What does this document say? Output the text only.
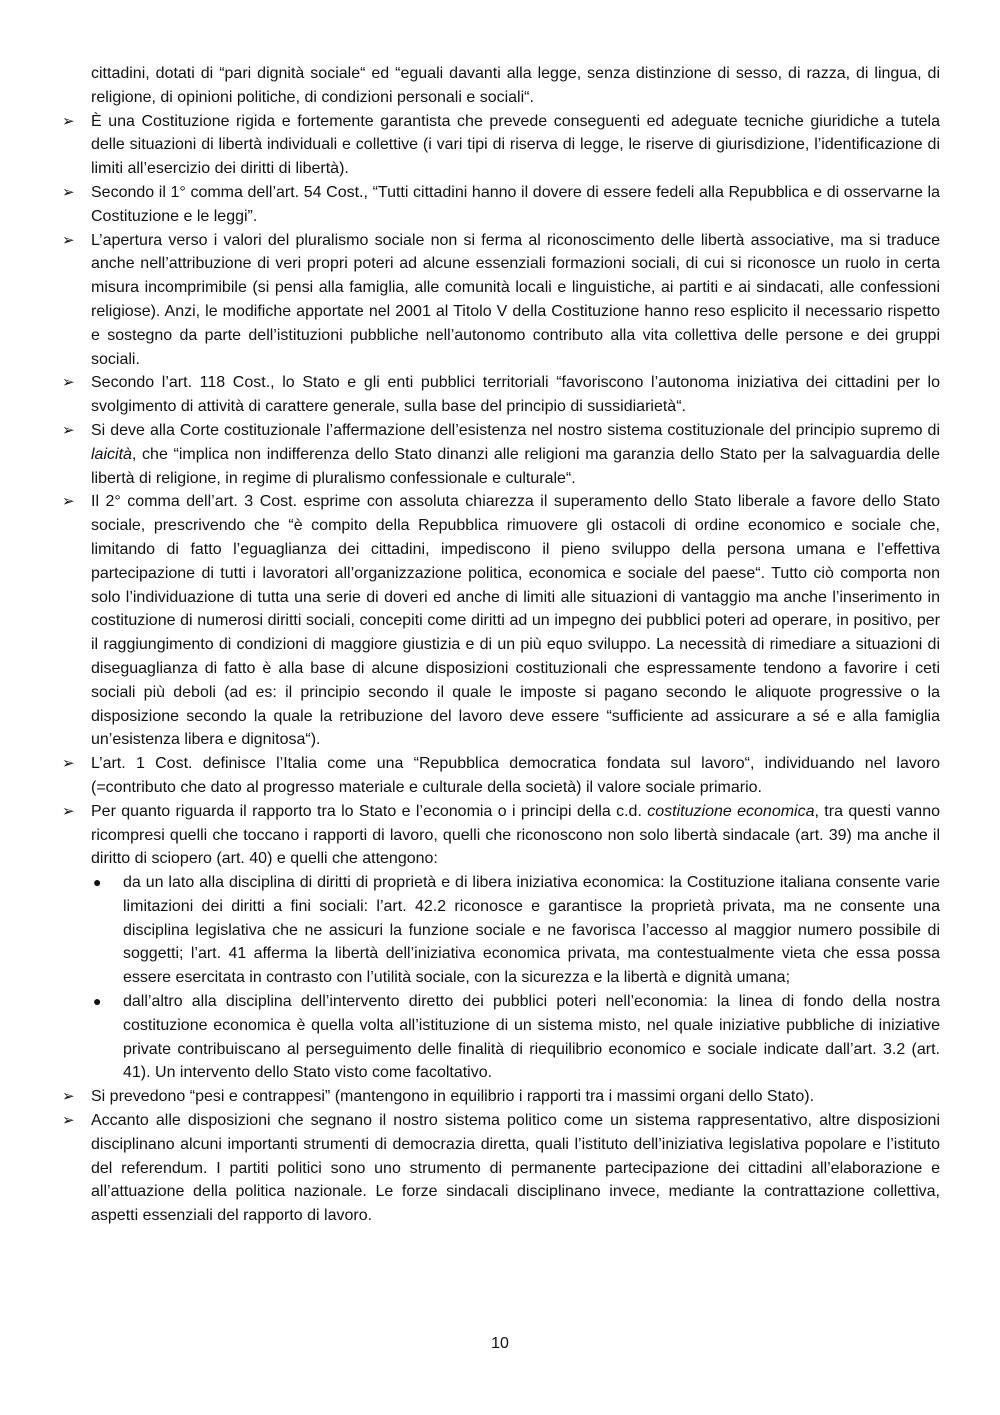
cittadini, dotati di “pari dignità sociale“ ed “eguali davanti alla legge, senza distinzione di sesso, di razza, di lingua, di religione, di opinioni politiche, di condizioni personali e sociali“.
➢ È una Costituzione rigida e fortemente garantista che prevede conseguenti ed adeguate tecniche giuridiche a tutela delle situazioni di libertà individuali e collettive (i vari tipi di riserva di legge, le riserve di giurisdizione, l’identificazione di limiti all’esercizio dei diritti di libertà).
➢ Secondo il 1° comma dell’art. 54 Cost., “Tutti cittadini hanno il dovere di essere fedeli alla Repubblica e di osservarne la Costituzione e le leggi”.
➢ L’apertura verso i valori del pluralismo sociale non si ferma al riconoscimento delle libertà associative, ma si traduce anche nell’attribuzione di veri propri poteri ad alcune essenziali formazioni sociali, di cui si riconosce un ruolo in certa misura incomprimibile (si pensi alla famiglia, alle comunità locali e linguistiche, ai partiti e ai sindacati, alle confessioni religiose). Anzi, le modifiche apportate nel 2001 al Titolo V della Costituzione hanno reso esplicito il necessario rispetto e sostegno da parte dell’istituzioni pubbliche nell’autonomo contributo alla vita collettiva delle persone e dei gruppi sociali.
➢ Secondo l’art. 118 Cost., lo Stato e gli enti pubblici territoriali “favoriscono l’autonoma iniziativa dei cittadini per lo svolgimento di attività di carattere generale, sulla base del principio di sussidiarietà“.
➢ Si deve alla Corte costituzionale l’affermazione dell’esistenza nel nostro sistema costituzionale del principio supremo di laicità, che “implica non indifferenza dello Stato dinanzi alle religioni ma garanzia dello Stato per la salvaguardia delle libertà di religione, in regime di pluralismo confessionale e culturale“.
➢ Il 2° comma dell’art. 3 Cost. esprime con assoluta chiarezza il superamento dello Stato liberale a favore dello Stato sociale, prescrivendo che “è compito della Repubblica rimuovere gli ostacoli di ordine economico e sociale che, limitando di fatto l’eguaglianza dei cittadini, impediscono il pieno sviluppo della persona umana e l’effettiva partecipazione di tutti i lavoratori all’organizzazione politica, economica e sociale del paese“. Tutto ciò comporta non solo l’individuazione di tutta una serie di doveri ed anche di limiti alle situazioni di vantaggio ma anche l’inserimento in costituzione di numerosi diritti sociali, concepiti come diritti ad un impegno dei pubblici poteri ad operare, in positivo, per il raggiungimento di condizioni di maggiore giustizia e di un più equo sviluppo. La necessità di rimediare a situazioni di diseguaglianza di fatto è alla base di alcune disposizioni costituzionali che espressamente tendono a favorire i ceti sociali più deboli (ad es: il principio secondo il quale le imposte si pagano secondo le aliquote progressive o la disposizione secondo la quale la retribuzione del lavoro deve essere “sufficiente ad assicurare a sé e alla famiglia un’esistenza libera e dignitosa“).
➢ L’art. 1 Cost. definisce l’Italia come una “Repubblica democratica fondata sul lavoro“, individuando nel lavoro (=contributo che dato al progresso materiale e culturale della società) il valore sociale primario.
➢ Per quanto riguarda il rapporto tra lo Stato e l’economia o i principi della c.d. costituzione economica, tra questi vanno ricompresi quelli che toccano i rapporti di lavoro, quelli che riconoscono non solo libertà sindacale (art. 39) ma anche il diritto di sciopero (art. 40) e quelli che attengono:
● da un lato alla disciplina di diritti di proprietà e di libera iniziativa economica: la Costituzione italiana consente varie limitazioni dei diritti a fini sociali: l’art. 42.2 riconosce e garantisce la proprietà privata, ma ne consente una disciplina legislativa che ne assicuri la funzione sociale e ne favorisca l’accesso al maggior numero possibile di soggetti; l’art. 41 afferma la libertà dell’iniziativa economica privata, ma contestualmente vieta che essa possa essere esercitata in contrasto con l’utilità sociale, con la sicurezza e la libertà e dignità umana;
● dall’altro alla disciplina dell’intervento diretto dei pubblici poteri nell’economia: la linea di fondo della nostra costituzione economica è quella volta all’istituzione di un sistema misto, nel quale iniziative pubbliche di iniziative private contribuiscano al perseguimento delle finalità di riequilibrio economico e sociale indicate dall’art. 3.2 (art. 41). Un intervento dello Stato visto come facoltativo.
➢ Si prevedono “pesi e contrappesi” (mantengono in equilibrio i rapporti tra i massimi organi dello Stato).
➢ Accanto alle disposizioni che segnano il nostro sistema politico come un sistema rappresentativo, altre disposizioni disciplinano alcuni importanti strumenti di democrazia diretta, quali l’istituto dell’iniziativa legislativa popolare e l’istituto del referendum. I partiti politici sono uno strumento di permanente partecipazione dei cittadini all’elaborazione e all’attuazione della politica nazionale. Le forze sindacali disciplinano invece, mediante la contrattazione collettiva, aspetti essenziali del rapporto di lavoro.
10
